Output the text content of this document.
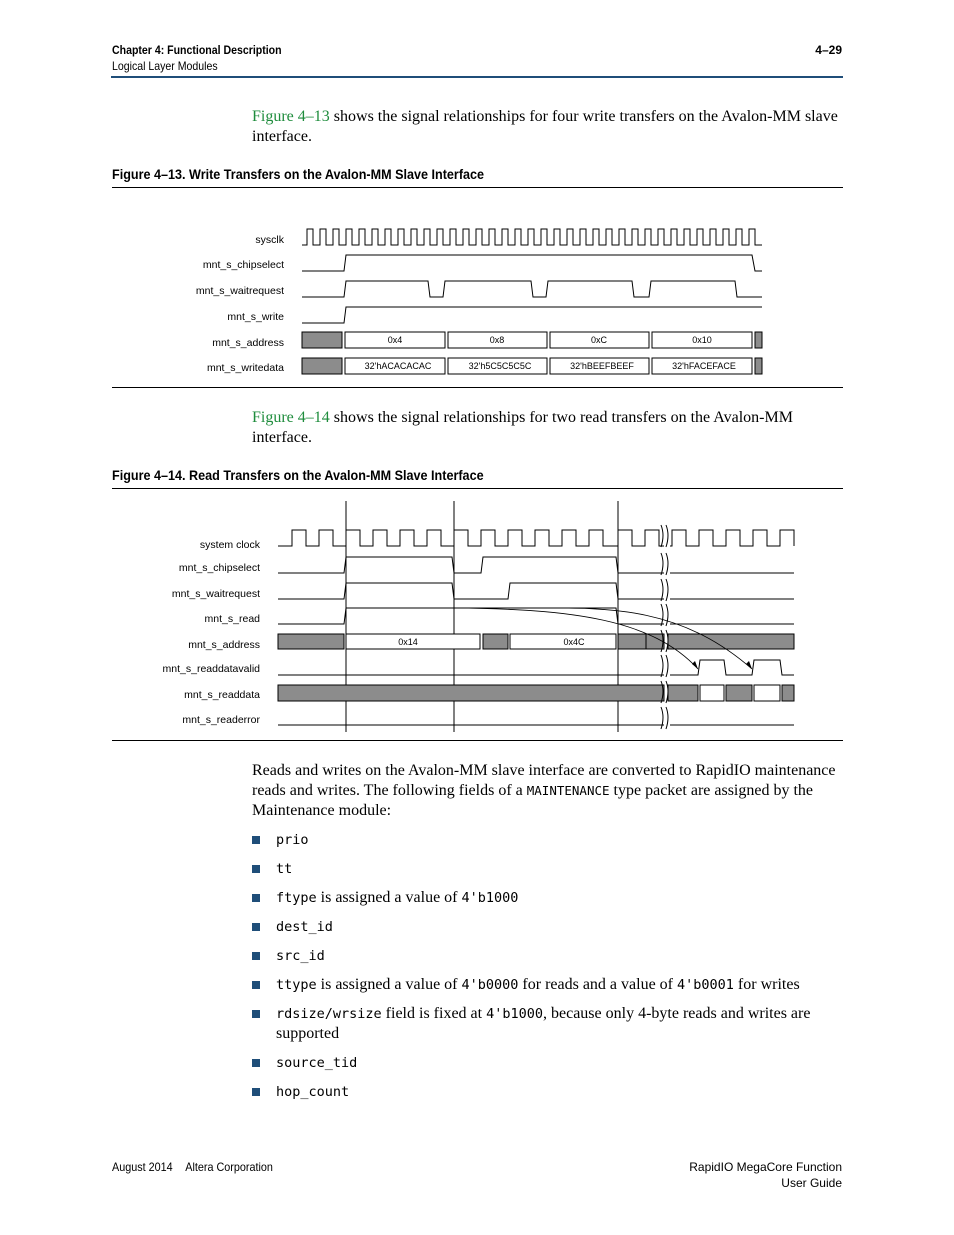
Chapter 4: Functional Description
Logical Layer Modules
4–29
Figure 4–13 shows the signal relationships for four write transfers on the Avalon-MM slave interface.
Figure 4–13. Write Transfers on the Avalon-MM Slave Interface
sysclk
mnt_s_chipselect
mnt_s_waitrequest
mnt_s_write
mnt_s_address
mnt_s_writedata
0x4	0x8	0xC	0x10
32'hACACACAC	32'h5C5C5C5C	32'hBEEFBEEF	32'hFACEFACE
Figure 4–14 shows the signal relationships for two read transfers on the Avalon-MM interface.
Figure 4–14. Read Transfers on the Avalon-MM Slave Interface
system clock
mnt_s_chipselect
mnt_s_waitrequest
mnt_s_read
mnt_s_address
mnt_s_readdatavalid
mnt_s_readdata
mnt_s_readerror
0x14	0x4C
Reads and writes on the Avalon-MM slave interface are converted to RapidIO maintenance reads and writes. The following fields of a MAINTENANCE type packet are assigned by the Maintenance module:
prio
tt
ftype is assigned a value of 4'b1000
dest_id
src_id
ttype is assigned a value of 4'b0000 for reads and a value of 4'b0001 for writes
rdsize/wrsize field is fixed at 4'b1000, because only 4-byte reads and writes are supported
source_tid
hop_count
August 2014 Altera Corporation	RapidIO MegaCore Function
User Guide
